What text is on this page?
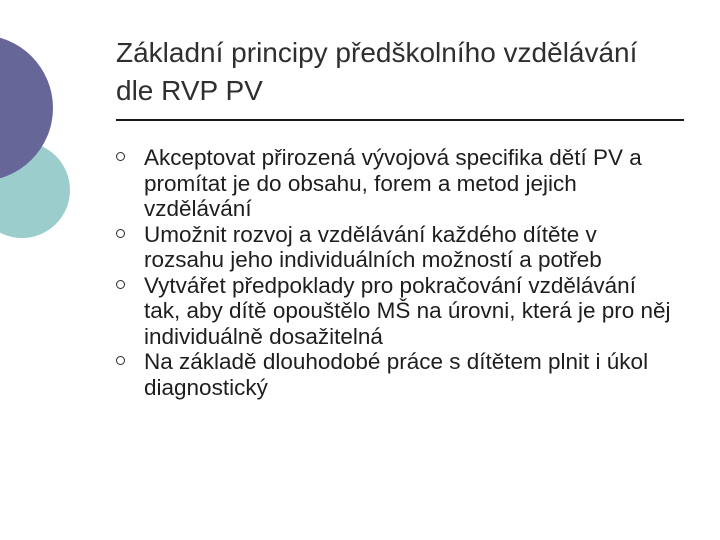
Základní principy předškolního vzdělávání dle RVP PV
Akceptovat přirozená vývojová specifika dětí PV a promítat je do obsahu, forem a metod jejich vzdělávání
Umožnit rozvoj a vzdělávání každého dítěte v rozsahu jeho individuálních možností a potřeb
Vytvářet předpoklady pro pokračování vzdělávání tak, aby dítě opouštělo MŠ na úrovni, která je pro něj individuálně dosažitelná
Na základě dlouhodobé práce s dítětem plnit i úkol diagnostický
